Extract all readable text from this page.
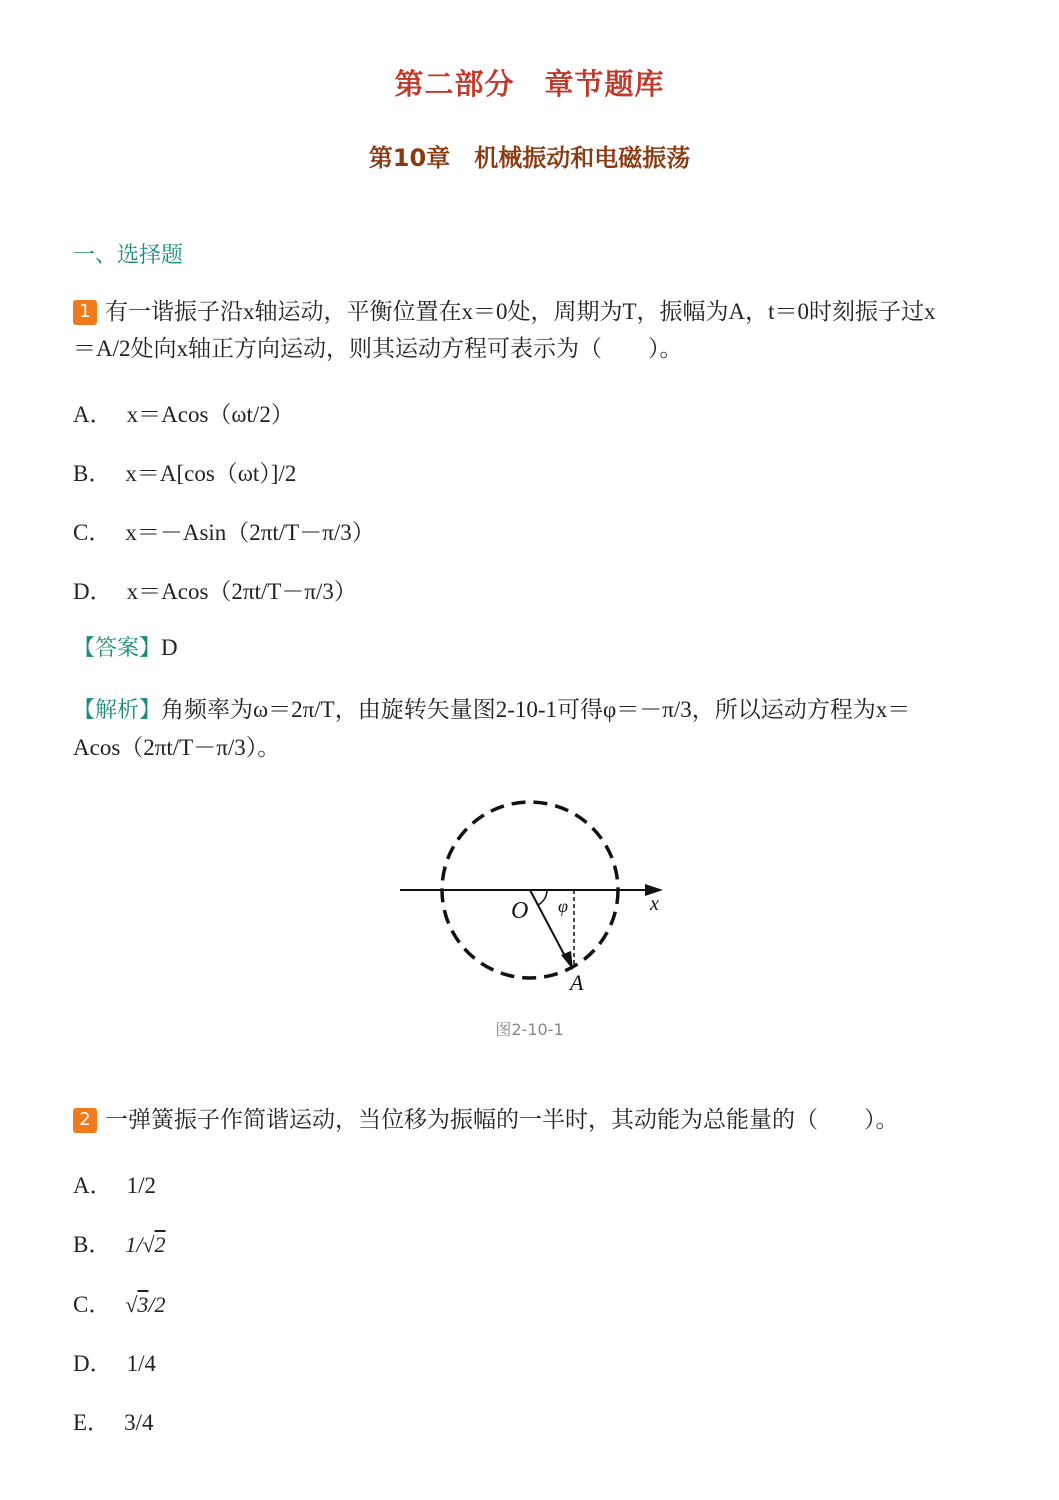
第二部分　章节题库
第10章　机械振动和电磁振荡
一、选择题
1 有一谐振子沿x轴运动，平衡位置在x＝0处，周期为T，振幅为A，t＝0时刻振子过x
＝A/2处向x轴正方向运动，则其运动方程可表示为（　　）。
A． x＝Acos（ωt/2）
B． x＝A[cos（ωt）]/2
C． x＝－Asin（2πt/T－π/3）
D． x＝Acos（2πt/T－π/3）
【答案】D
【解析】角频率为ω＝2π/T，由旋转矢量图2-10-1可得φ＝－π/3，所以运动方程为x＝
Acos（2πt/T－π/3）。
O φ	x
A
图2-10-1
2 一弹簧振子作简谐运动，当位移为振幅的一半时，其动能为总能量的（　　）。
A． 1/2
B． 1/√2
C． √3/2
D． 1/4
E． 3/4
